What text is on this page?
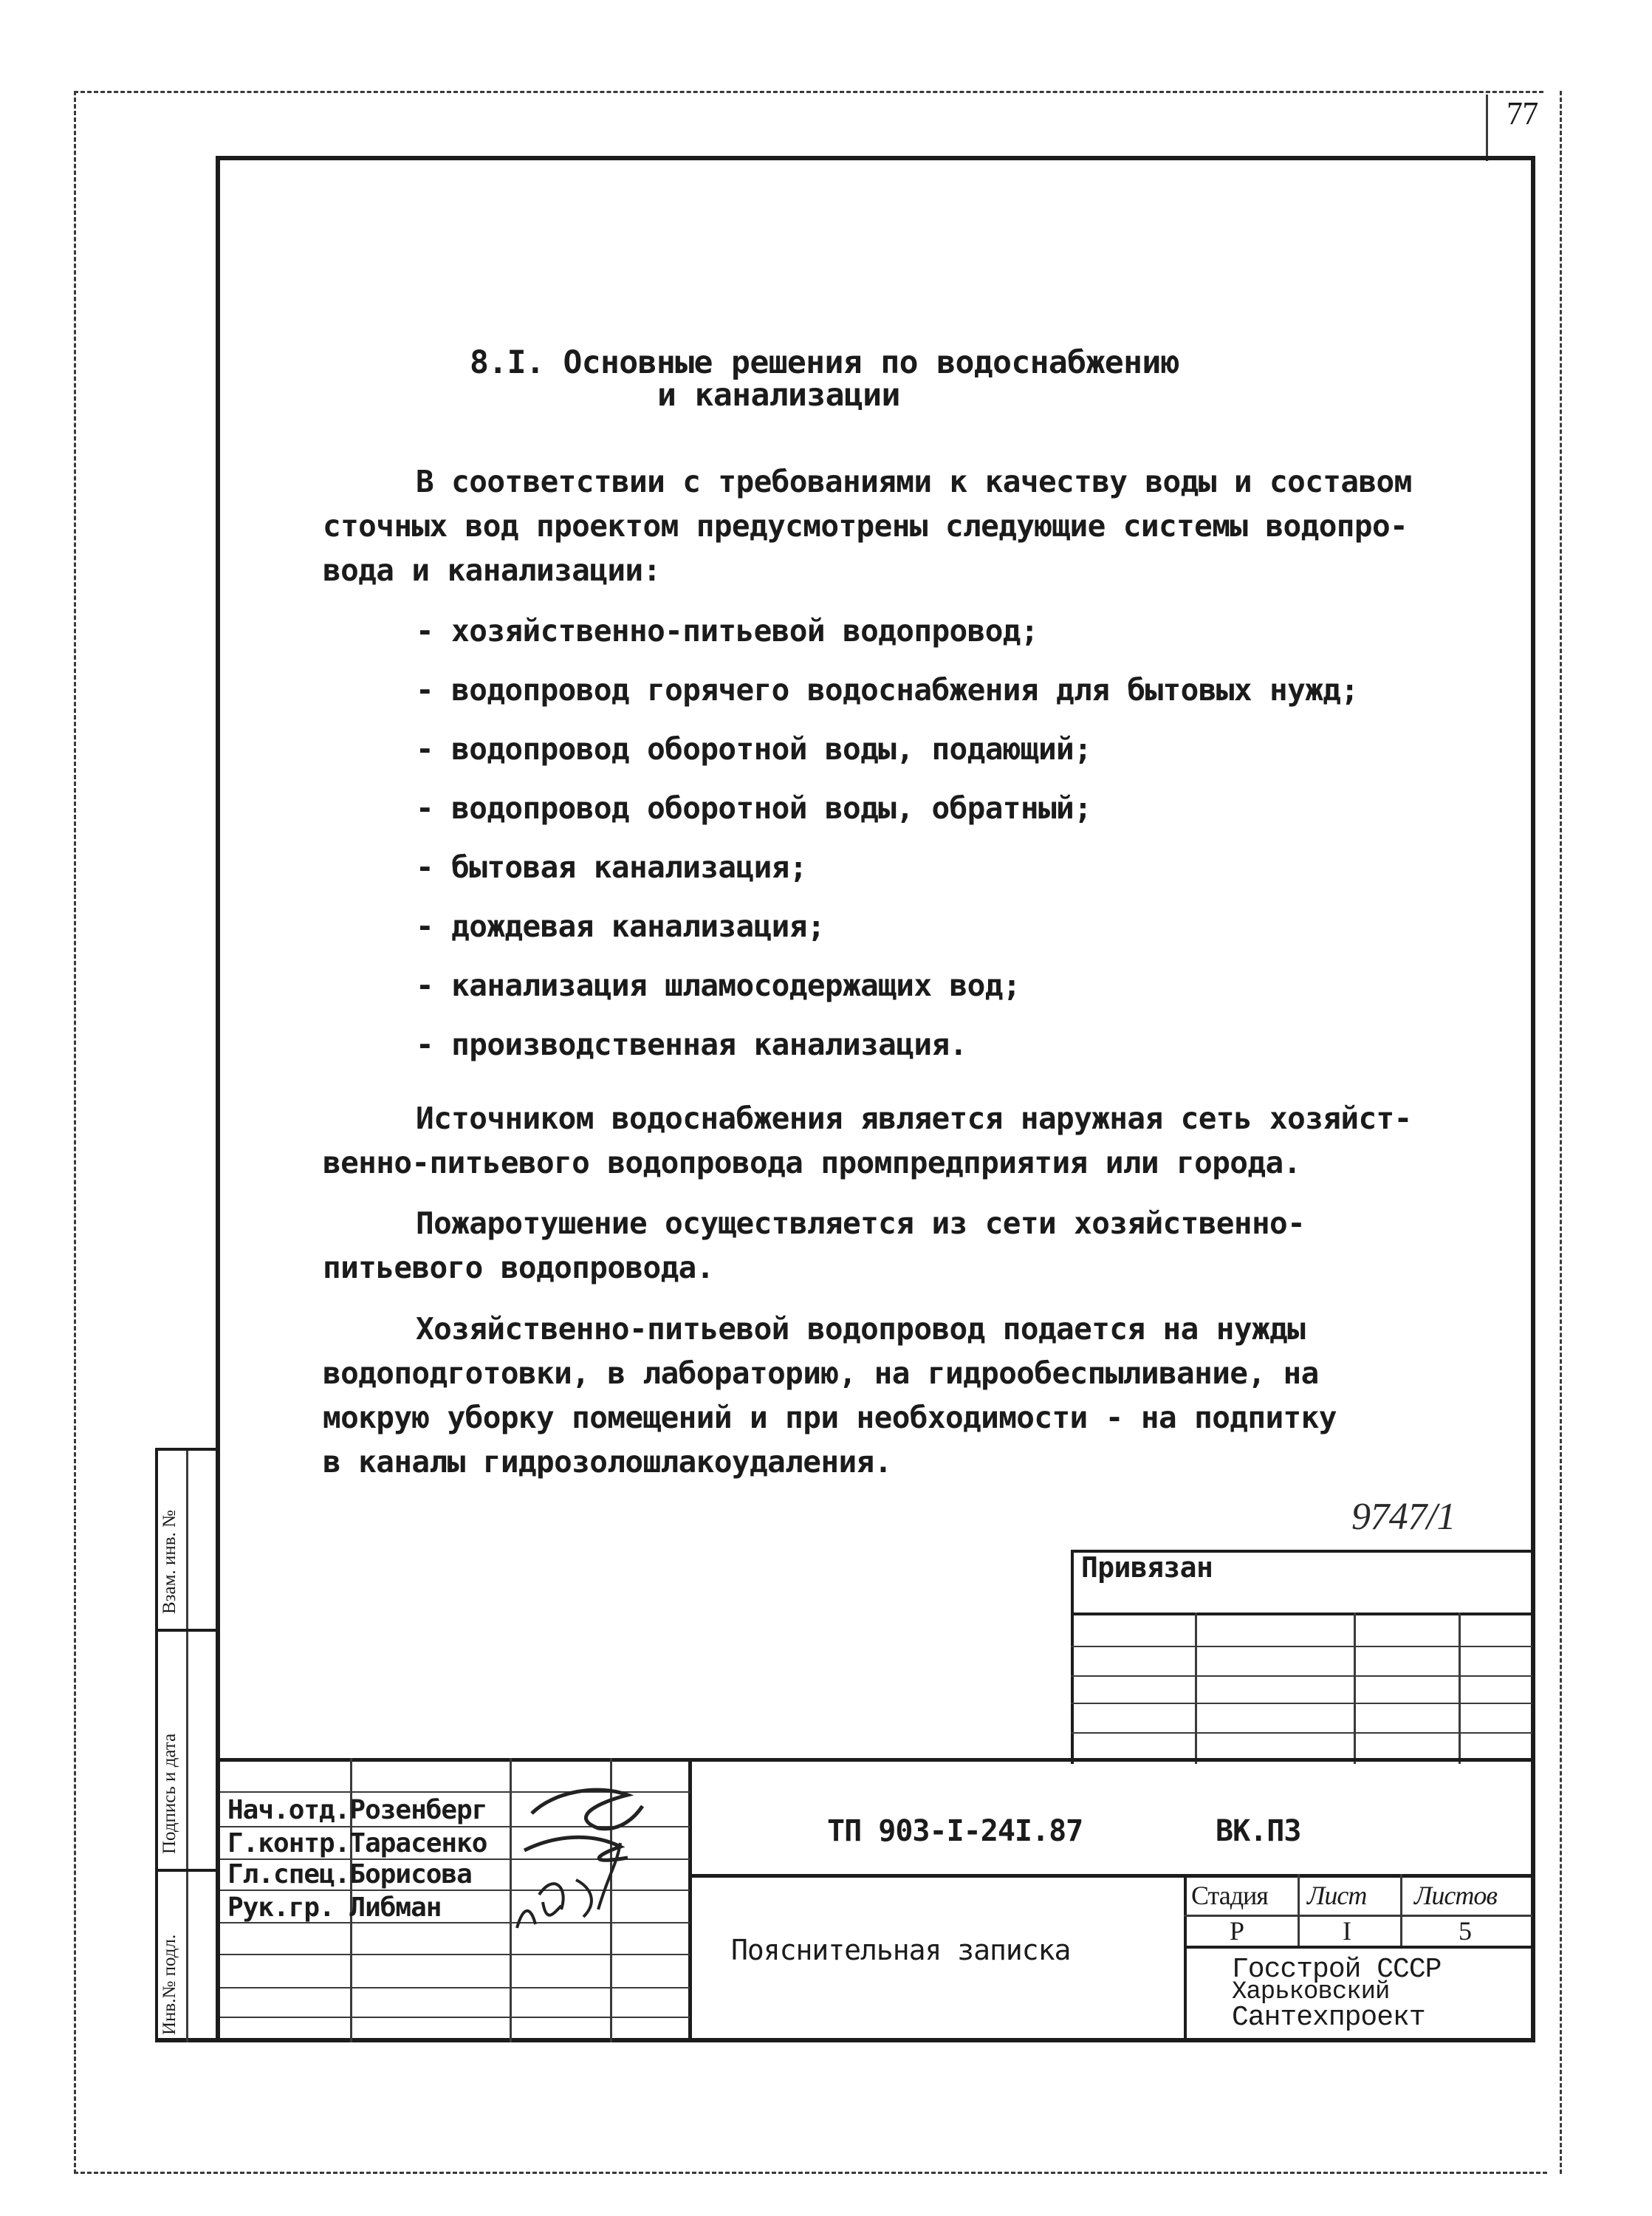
77
8.I. Основные решения по водоснабжению
и канализации
В соответствии с требованиями к качеству воды и составом
сточных вод проектом предусмотрены следующие системы водопро-
вода и канализации:
- хозяйственно-питьевой водопровод;
- водопровод горячего водоснабжения для бытовых нужд;
- водопровод оборотной воды, подающий;
- водопровод оборотной воды, обратный;
- бытовая канализация;
- дождевая канализация;
- канализация шламосодержащих вод;
- производственная канализация.
Источником водоснабжения является наружная сеть хозяйст-
венно-питьевого водопровода промпредприятия или города.
Пожаротушение осуществляется из сети хозяйственно-
питьевого водопровода.
Хозяйственно-питьевой водопровод подается на нужды
водоподготовки, в лабораторию, на гидрообеспыливание, на
мокрую уборку помещений и при необходимости - на подпитку
в каналы гидрозолошлакоудаления.
9747/1
Привязан
Взам. инв. №
Подпись и дата
Инв.№ подл.
Нач.отд.Розенберг
Г.контр.Тарасенко
Гл.спец.Борисова
Рук.гр. Либман
ТП 903-I-24I.87	ВК.ПЗ
Пояснительная записка
Стадия Лист Листов
Р	I	5
Госстрой СССР
Харьковский
Сантехпроект
